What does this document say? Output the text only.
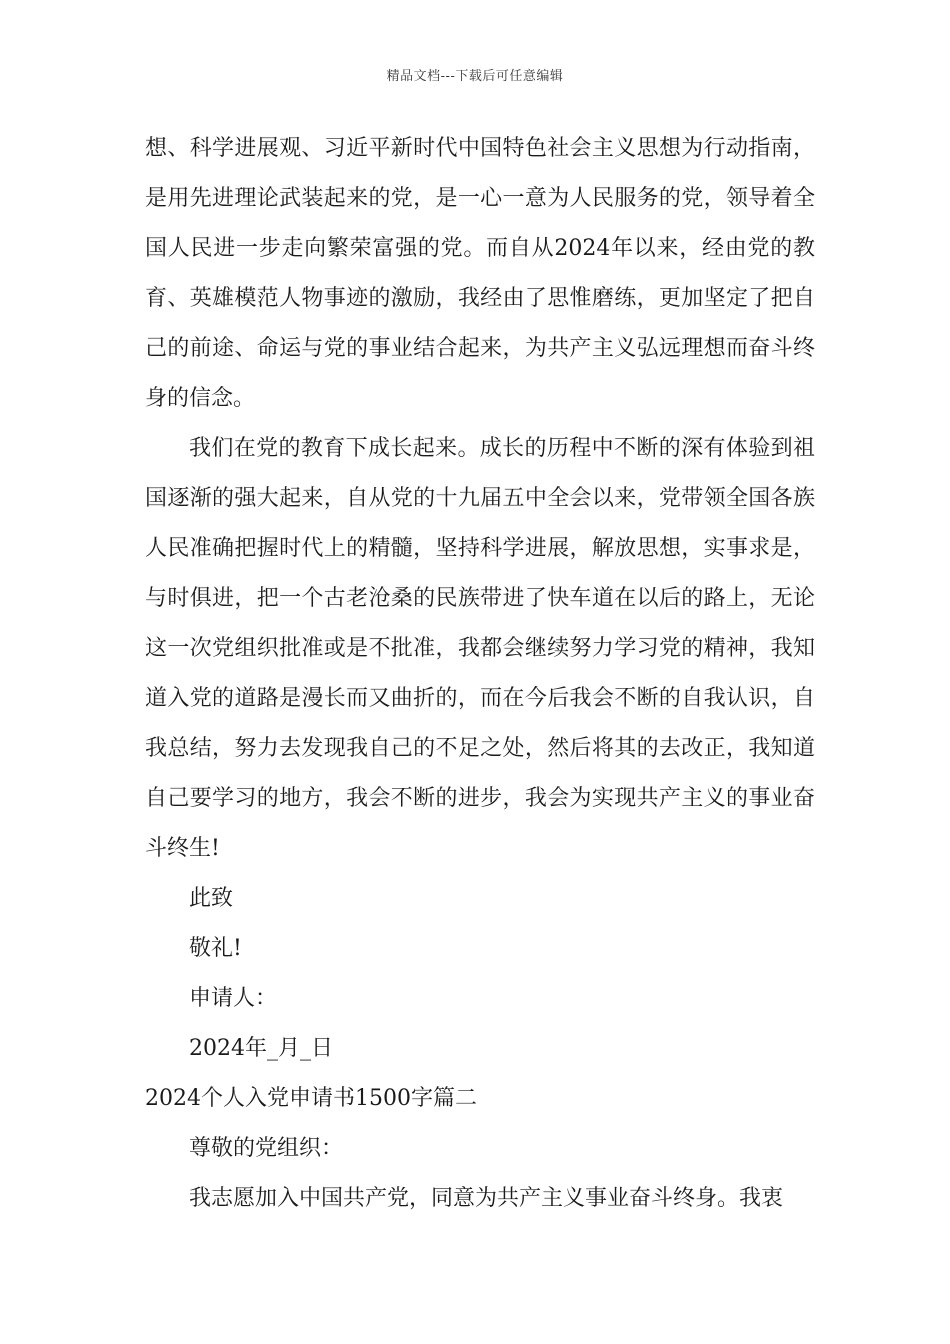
精品文档---下载后可任意编辑

想、科学进展观、习近平新时代中国特色社会主义思想为行动指南，是用先进理论武装起来的党，是一心一意为人民服务的党，领导着全国人民进一步走向繁荣富强的党。而自从2024年以来，经由党的教育、英雄模范人物事迹的激励，我经由了思惟磨练，更加坚定了把自己的前途、命运与党的事业结合起来，为共产主义弘远理想而奋斗终身的信念。

我们在党的教育下成长起来。成长的历程中不断的深有体验到祖国逐渐的强大起来，自从党的十九届五中全会以来，党带领全国各族人民准确把握时代上的精髓，坚持科学进展，解放思想，实事求是，与时俱进，把一个古老沧桑的民族带进了快车道在以后的路上，无论这一次党组织批准或是不批准，我都会继续努力学习党的精神，我知道入党的道路是漫长而又曲折的，而在今后我会不断的自我认识，自我总结，努力去发现我自己的不足之处，然后将其的去改正，我知道自己要学习的地方，我会不断的进步，我会为实现共产主义的事业奋斗终生!

此致

敬礼!

申请人：

2024年_月_日

2024个人入党申请书1500字篇二

尊敬的党组织：

我志愿加入中国共产党，同意为共产主义事业奋斗终身。我衷
